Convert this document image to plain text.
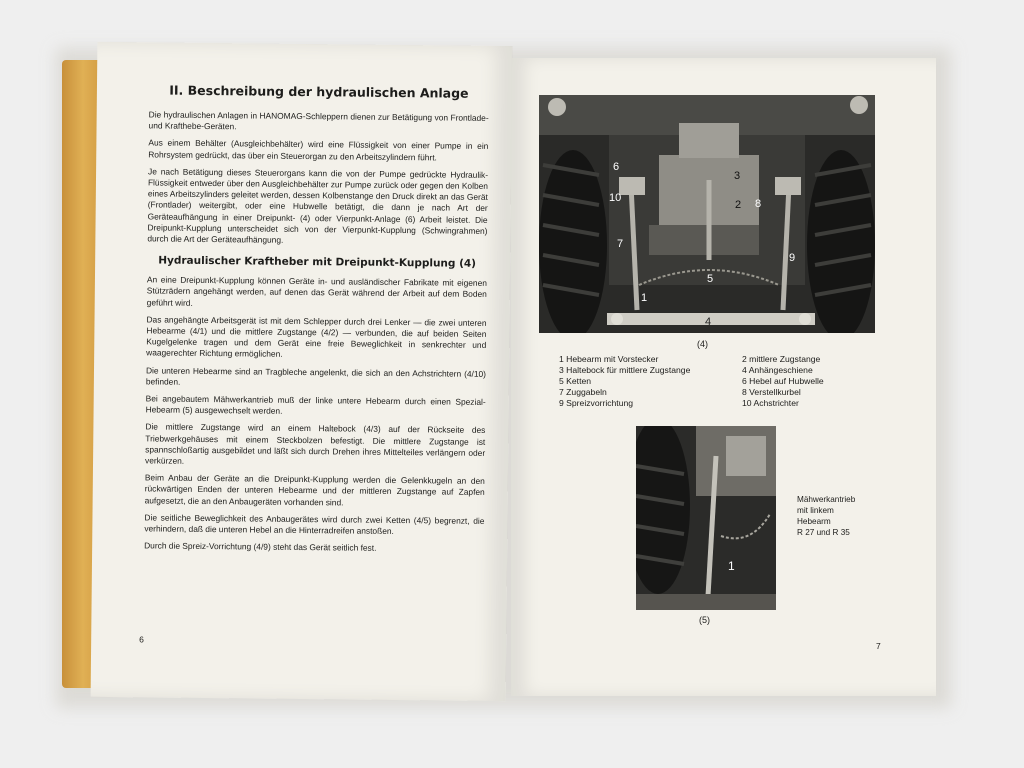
II. Beschreibung der hydraulischen Anlage

Die hydraulischen Anlagen in HANOMAG-Schleppern dienen zur Betätigung von Frontlade- und Krafthebe-Geräten.

Aus einem Behälter (Ausgleichbehälter) wird eine Flüssigkeit von einer Pumpe in ein Rohrsystem gedrückt, das über ein Steuerorgan zu den Arbeitszylindern führt.

Je nach Betätigung dieses Steuerorgans kann die von der Pumpe gedrückte Hydraulik-Flüssigkeit entweder über den Ausgleichbehälter zur Pumpe zurück oder gegen den Kolben eines Arbeitszylinders geleitet werden, dessen Kolbenstange den Druck direkt an das Gerät (Frontlader) weitergibt, oder eine Hubwelle betätigt, die dann je nach Art der Geräteaufhängung in einer Dreipunkt- (4) oder Vierpunkt-Anlage (6) Arbeit leistet. Die Dreipunkt-Kupplung unterscheidet sich von der Vierpunkt-Kupplung (Schwingrahmen) durch die Art der Geräteaufhängung.

Hydraulischer Kraftheber mit Dreipunkt-Kupplung (4)

An eine Dreipunkt-Kupplung können Geräte in- und ausländischer Fabrikate mit eigenen Stützrädern angehängt werden, auf denen das Gerät während der Arbeit auf dem Boden geführt wird.

Das angehängte Arbeitsgerät ist mit dem Schlepper durch drei Lenker — die zwei unteren Hebearme (4/1) und die mittlere Zugstange (4/2) — verbunden, die auf beiden Seiten Kugelgelenke tragen und dem Gerät eine freie Beweglichkeit in senkrechter und waagerechter Richtung ermöglichen.

Die unteren Hebearme sind an Tragbleche angelenkt, die sich an den Achstrichtern (4/10) befinden.

Bei angebautem Mähwerkantrieb muß der linke untere Hebearm durch einen Spezial-Hebearm (5) ausgewechselt werden.

Die mittlere Zugstange wird an einem Haltebock (4/3) auf der Rückseite des Triebwerkgehäuses mit einem Steckbolzen befestigt. Die mittlere Zugstange ist spannschloßartig ausgebildet und läßt sich durch Drehen ihres Mittelteiles verlängern oder verkürzen.

Beim Anbau der Geräte an die Dreipunkt-Kupplung werden die Gelenkkugeln an den rückwärtigen Enden der unteren Hebearme und der mittleren Zugstange auf Zapfen aufgesetzt, die an den Anbaugeräten vorhanden sind.

Die seitliche Beweglichkeit des Anbaugerätes wird durch zwei Ketten (4/5) begrenzt, die verhindern, daß die unteren Hebel an die Hinterradreifen anstoßen.

Durch die Spreiz-Vorrichtung (4/9) steht das Gerät seitlich fest.

6
6
3
10
2 8
7
9
5
1
4
(4)
1 Hebearm mit Vorstecker	2 mittlere Zugstange
3 Haltebock für mittlere Zugstange	4 Anhängeschiene
5 Ketten	6 Hebel auf Hubwelle
7 Zuggabeln	8 Verstellkurbel
9 Spreizvorrichtung	10 Achstrichter
1
(5)
Mähwerkantrieb
mit linkem
Hebearm
R 27 und R 35
7
